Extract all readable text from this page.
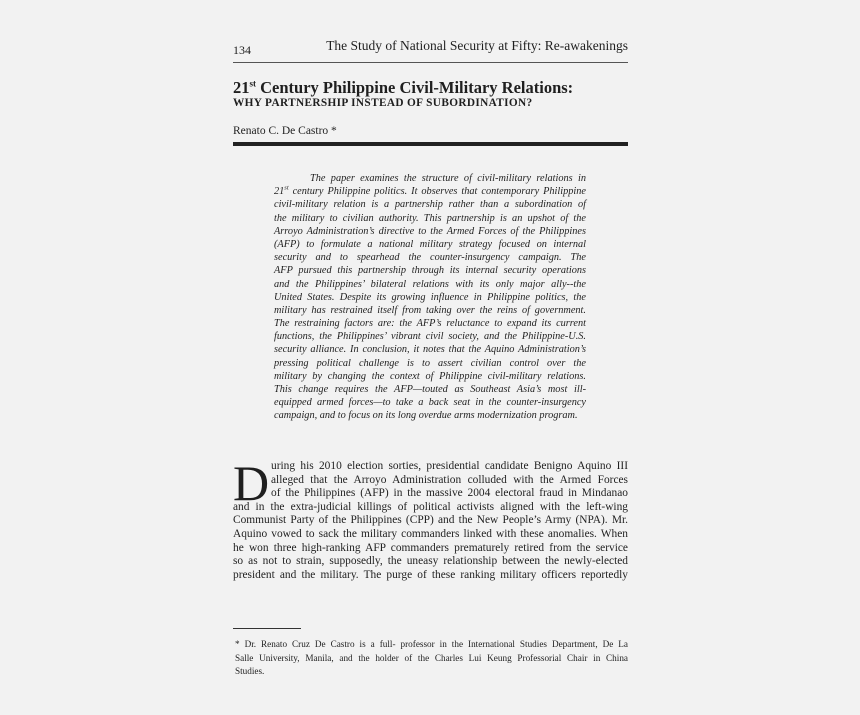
134	The Study of National Security at Fifty: Re-awakenings
21st Century Philippine Civil-Military Relations:
WHY PARTNERSHIP INSTEAD OF SUBORDINATION?
Renato C. De Castro *
The paper examines the structure of civil-military relations in
21st century Philippine politics. It observes that contemporary Philippine
civil-military relation is a partnership rather than a subordination of
the military to civilian authority. This partnership is an upshot of the
Arroyo Administration’s directive to the Armed Forces of the Philippines
(AFP) to formulate a national military strategy focused on internal
security and to spearhead the counter-insurgency campaign. The
AFP pursued this partnership through its internal security operations
and the Philippines’ bilateral relations with its only major ally--the
United States. Despite its growing influence in Philippine politics, the
military has restrained itself from taking over the reins of government.
The restraining factors are: the AFP’s reluctance to expand its current
functions, the Philippines’ vibrant civil society, and the Philippine-U.S.
security alliance. In conclusion, it notes that the Aquino Administration’s
pressing political challenge is to assert civilian control over the
military by changing the context of Philippine civil-military relations.
This change requires the AFP—touted as Southeast Asia’s most ill-
equipped armed forces—to take a back seat in the counter-insurgency
campaign, and to focus on its long overdue arms modernization program.
D uring his 2010 election sorties, presidential candidate Benigno Aquino III
alleged that the Arroyo Administration colluded with the Armed Forces
of the Philippines (AFP) in the massive 2004 electoral fraud in Mindanao
and in the extra-judicial killings of political activists aligned with the left-wing
Communist Party of the Philippines (CPP) and the New People’s Army (NPA). Mr.
Aquino vowed to sack the military commanders linked with these anomalies. When
he won three high-ranking AFP commanders prematurely retired from the service
so as not to strain, supposedly, the uneasy relationship between the newly-elected
president and the military. The purge of these ranking military officers reportedly
* Dr. Renato Cruz De Castro is a full- professor in the International Studies Department, De La
Salle University, Manila, and the holder of the Charles Lui Keung Professorial Chair in China
Studies.
